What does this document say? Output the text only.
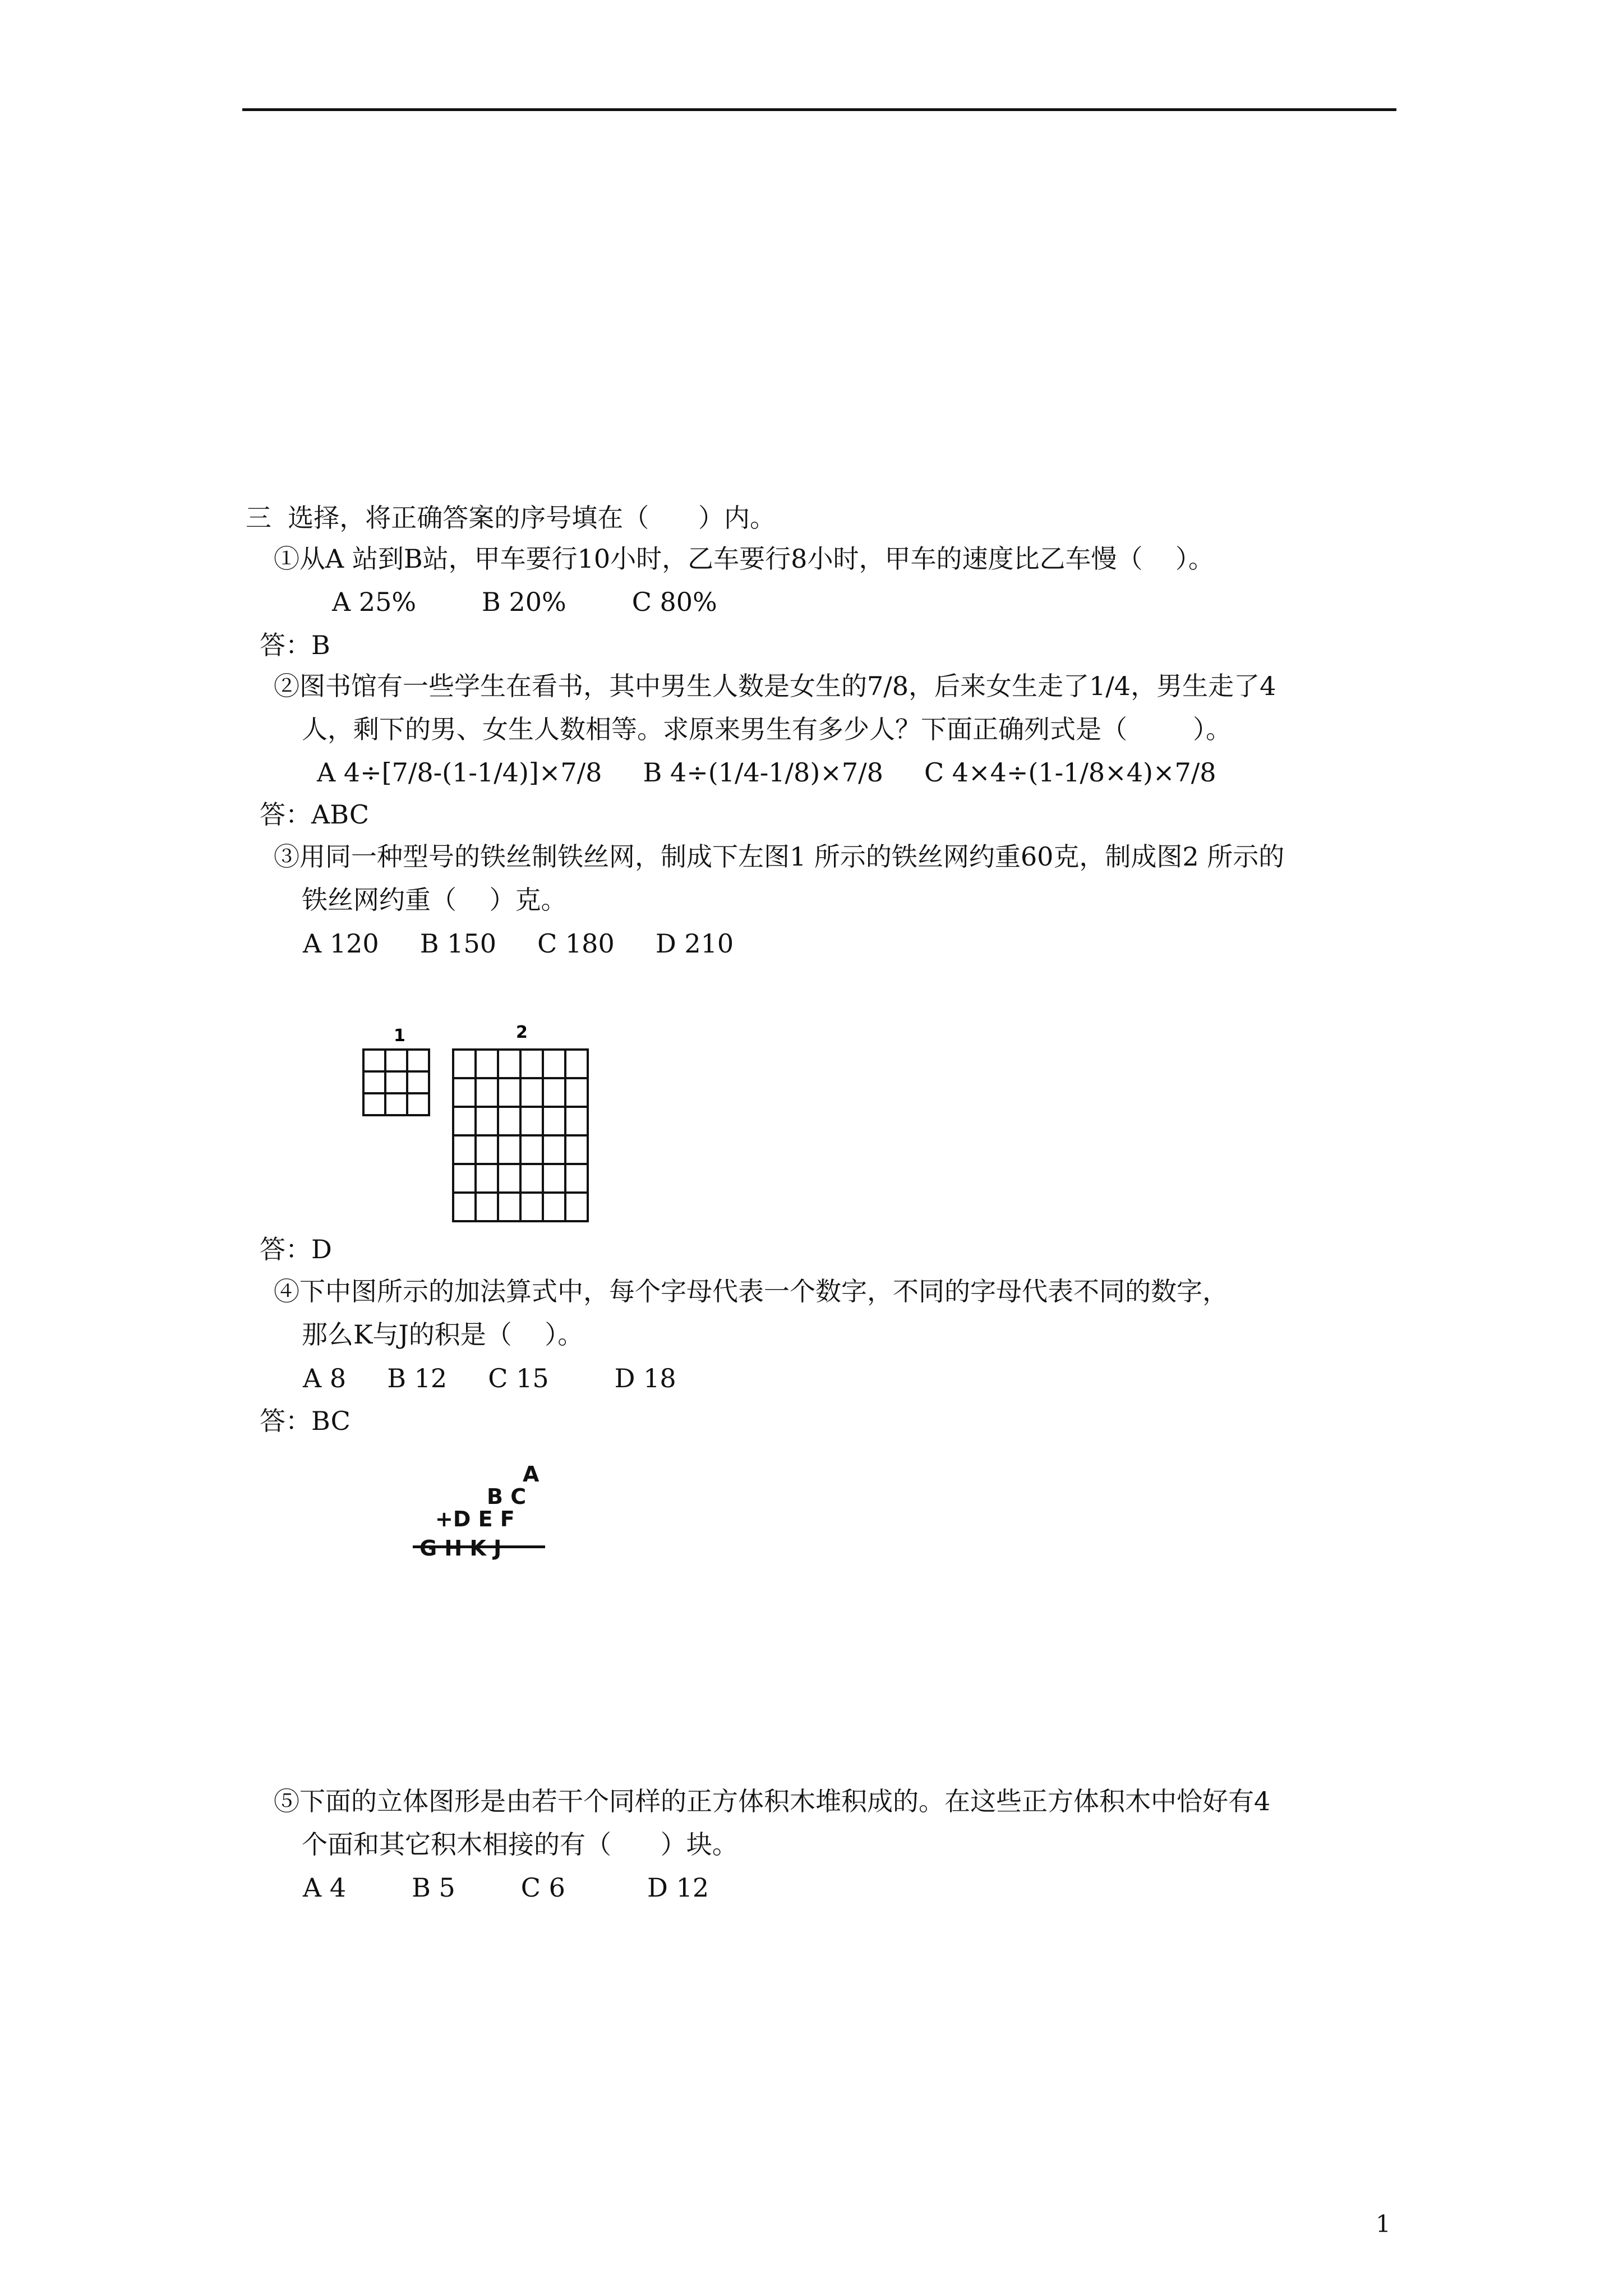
三  选择，将正确答案的序号填在（      ）内。
①从A 站到B站，甲车要行10小时，乙车要行8小时，甲车的速度比乙车慢（    ）。
A 25%        B 20%        C 80%
答：B
②图书馆有一些学生在看书，其中男生人数是女生的7/8，后来女生走了1/4，男生走了4
人，剩下的男、女生人数相等。求原来男生有多少人？下面正确列式是（        ）。
A 4÷[7/8-(1-1/4)]×7/8     B 4÷(1/4-1/8)×7/8     C 4×4÷(1-1/8×4)×7/8
答：ABC
③用同一种型号的铁丝制铁丝网，制成下左图1 所示的铁丝网约重60克，制成图2 所示的
铁丝网约重（    ）克。
A 120     B 150     C 180     D 210
1	2
答：D
④下中图所示的加法算式中，每个字母代表一个数字，不同的字母代表不同的数字，
那么K与J的积是（    ）。
A 8     B 12     C 15        D 18
答：BC
A
B C
+D E F
G H K J
⑤下面的立体图形是由若干个同样的正方体积木堆积成的。在这些正方体积木中恰好有4
个面和其它积木相接的有（      ）块。
A 4        B 5        C 6          D 12
1
